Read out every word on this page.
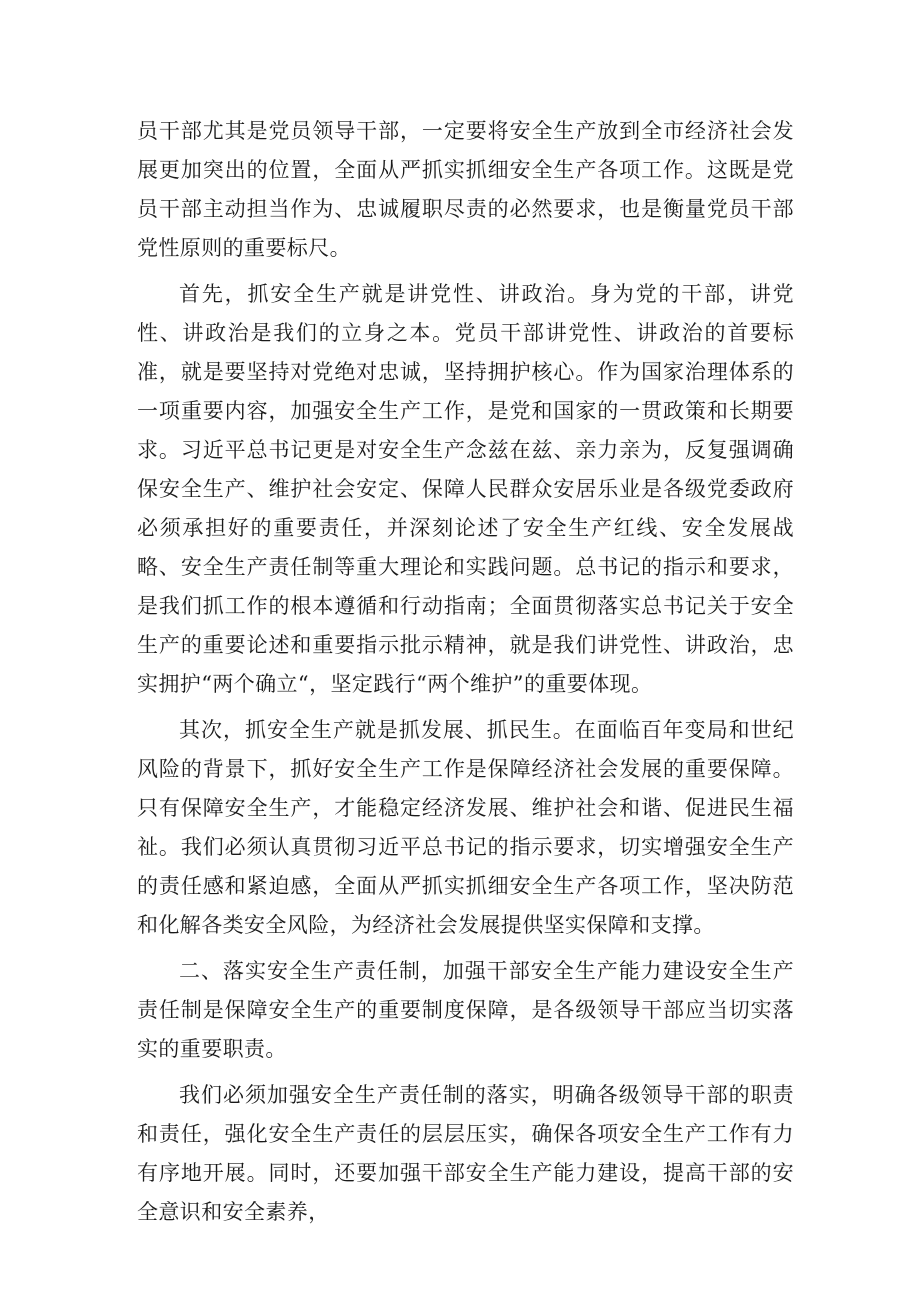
员干部尤其是党员领导干部，一定要将安全生产放到全市经济社会发展更加突出的位置，全面从严抓实抓细安全生产各项工作。这既是党员干部主动担当作为、忠诚履职尽责的必然要求，也是衡量党员干部党性原则的重要标尺。

首先，抓安全生产就是讲党性、讲政治。身为党的干部，讲党性、讲政治是我们的立身之本。党员干部讲党性、讲政治的首要标准，就是要坚持对党绝对忠诚，坚持拥护核心。作为国家治理体系的一项重要内容，加强安全生产工作，是党和国家的一贯政策和长期要求。习近平总书记更是对安全生产念兹在兹、亲力亲为，反复强调确保安全生产、维护社会安定、保障人民群众安居乐业是各级党委政府必须承担好的重要责任，并深刻论述了安全生产红线、安全发展战略、安全生产责任制等重大理论和实践问题。总书记的指示和要求，是我们抓工作的根本遵循和行动指南；全面贯彻落实总书记关于安全生产的重要论述和重要指示批示精神，就是我们讲党性、讲政治，忠实拥护“两个确立“，坚定践行“两个维护”的重要体现。

其次，抓安全生产就是抓发展、抓民生。在面临百年变局和世纪风险的背景下，抓好安全生产工作是保障经济社会发展的重要保障。只有保障安全生产，才能稳定经济发展、维护社会和谐、促进民生福祉。我们必须认真贯彻习近平总书记的指示要求，切实增强安全生产的责任感和紧迫感，全面从严抓实抓细安全生产各项工作，坚决防范和化解各类安全风险，为经济社会发展提供坚实保障和支撑。

二、落实安全生产责任制，加强干部安全生产能力建设安全生产责任制是保障安全生产的重要制度保障，是各级领导干部应当切实落实的重要职责。

我们必须加强安全生产责任制的落实，明确各级领导干部的职责和责任，强化安全生产责任的层层压实，确保各项安全生产工作有力有序地开展。同时，还要加强干部安全生产能力建设，提高干部的安全意识和安全素养，
